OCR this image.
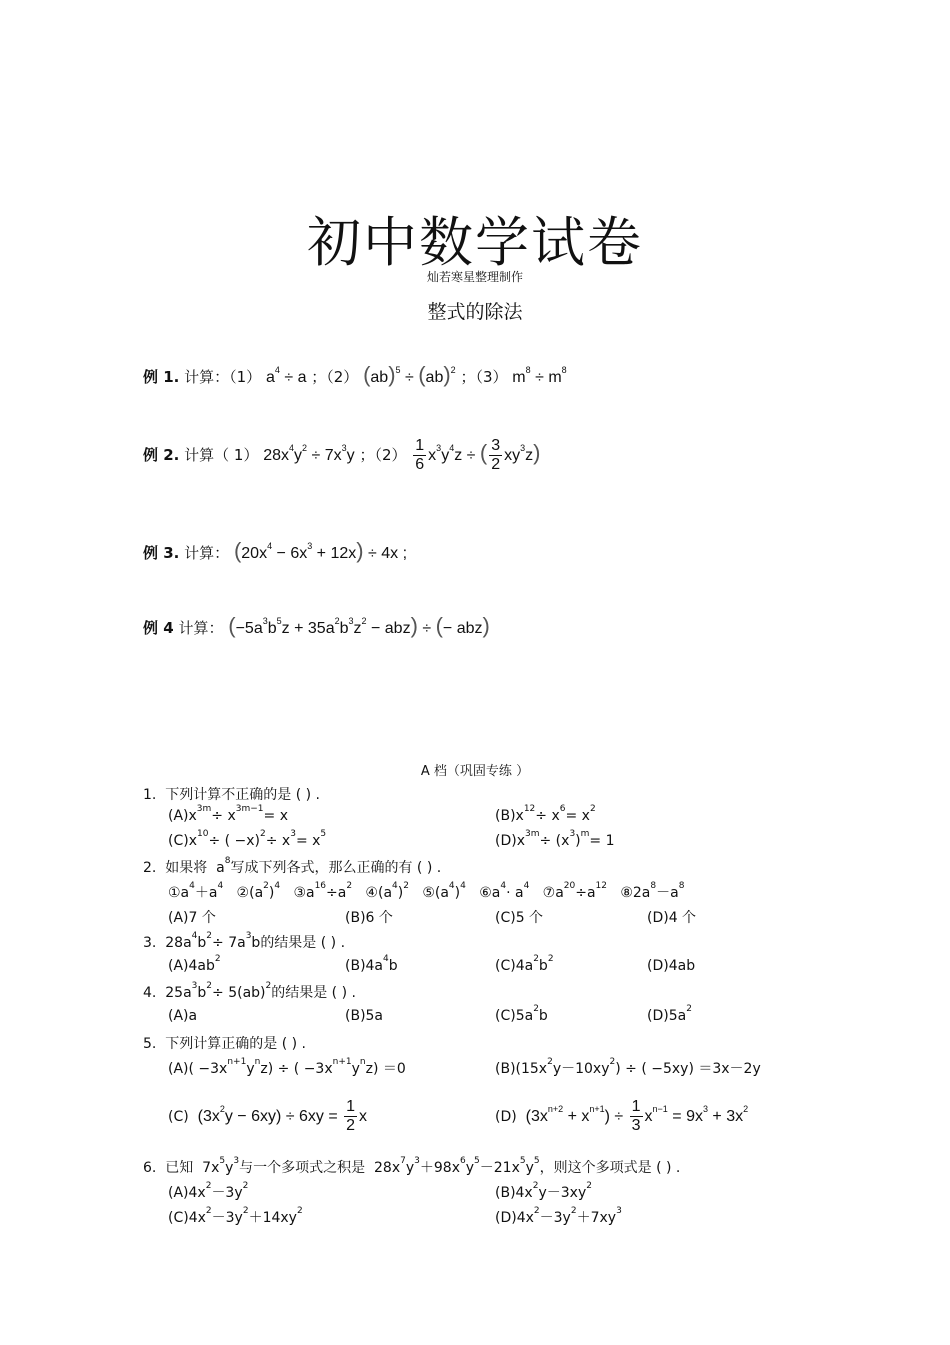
初中数学试卷
灿若寒星整理制作
整式的除法
例 1. 计算：（1） $a^4 \div a$ ；（2） (ab)$^5$ ÷ (ab)$^2$ ；（3） $m^8 \div m^8$
例 2. 计算（ 1） $28x^4y^2 \div 7x^3y$ ；$(2) \frac{1}{6} x^3y^4z$ ÷ ( $\frac{3}{2} xy^3z$)
例 3. 计算： $(20x^4 - 6x^3 + 12x) \div 4x$ ;
例 4 计算： $(-5a^3b^5z + 35a^2b^3z^2 - abz)$ ÷ (− abz)
A 档（巩固专练 ）
1. 下列计算不正确的是 ( ) .
$(A)x^{3m}\div x^{3m-1}= x$	$(B)x^{12}\div x^6= x^2$
$(C)x^{10}\div$ ( $-x)^2\div x^3= x^5$	$(D)x^{3m}\div (x^3)^m= 1$
2. 如果将  $a^8$写成下列各式，那么正确的有 ( ) .
$①a^4+a^4$   $②(a^2)^4$   $③a^{16}\div a^2$   $④(a^4)^2$   $⑤(a^4)^4$   $⑥a^4\cdot a^4$   $⑦a^{20}\div a^{12}$   $⑧2a^8-a^8$
(A)7 个	(B)6 个	(C)5 个	(D)4 个
3.  $28a^4b^2\div 7a^3b$的结果是 ( ) .
$(A)4ab^2$	$(B)4a^4b$	$(C)4a^2b^2$	(D)4ab
4.  $25a^3b^2\div 5(ab)^2$的结果是 ( ) .
(A)a	(B)5a	$(C)5a^2b$	$(D)5a^2$
5. 下列计算正确的是 ( ) .
$(A)( -3x^{n+1}y^nz)$ ÷ ( $-3x^{n+1}y^nz) =0$	$(B)(15x^2y-10xy^2)$ ÷ ( −5xy) ＝3x－2y
(C)  $(3x^2y - 6xy) \div 6xy = \frac{1}{2}$ x	(D)  $(3x^{n+2} + x^{n+1}) \div \frac{1}{3} x^{n-1} = 9x^3 + 3x^2$
6. 已知  $7x^5y^3$与一个多项式之积是  $28x^7y^3+98x^6y^5-21x^5y^5$，则这个多项式是 ( ) .
$(A)4x^2-3y^2$	$(B)4x^2y-3xy^2$
$(C)4x^2-3y^2+14xy^2$	$(D)4x^2-3y^2+7xy^3$
